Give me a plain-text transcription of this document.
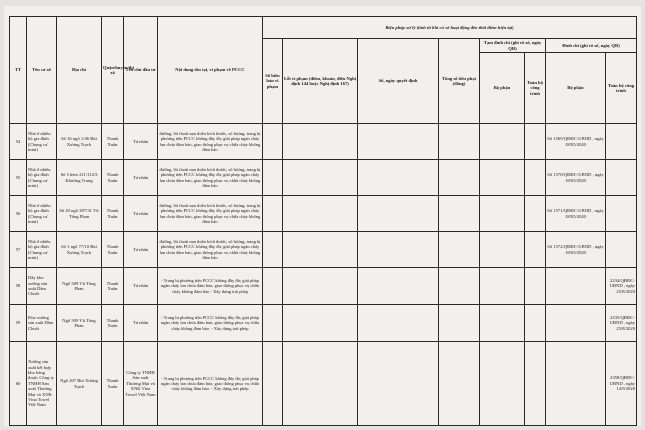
TT	Tên cơ sở	Địa chỉ	Quận/huyện/thị xã	Tên chủ đầu tư	Nội dung tồn tại, vi phạm về PCCC	Biện pháp xử lý (tính từ khi cơ sở hoạt động đến thời điểm hiện tại)							
						Số biên bản vi phạm	Lỗi vi phạm (điểm, khoản, điều Nghị định 144 hoặc Nghị định 167)	Số, ngày quyết định	Tổng số tiền phạt (đồng)	Tạm đình chỉ (ghi rõ số, ngày QĐ)		Đình chỉ (ghi rõ số, ngày QĐ)	
										Bộ phận	Toàn bộ công trình	Bộ phận	Toàn bộ công trình
54	Nhà ở nhiều hộ gia đình (Chung cư mini)	Số 16 ngõ 1/46 Bùi Xương Trạch	Thanh Xuân	Tư nhân	đường, lối thoát nạn thiếu kích thước, số lượng; trang bị phương tiện PCCC không đầy đủ; giải pháp ngăn cháy lan chưa đảm bảo; giao thông phục vụ chữa cháy không đảm bảo							Số 1569/QĐĐC-UBND , ngày 18/05/2020	
55	Nhà ở nhiều hộ gia đình (Chung cư mini)	Số 5 hẻm 211/114/3 Khương Trung	Thanh Xuân	Tư nhân	đường, lối thoát nạn thiếu kích thước, số lượng; trang bị phương tiện PCCC không đầy đủ; giải pháp ngăn cháy lan chưa đảm bảo; giao thông phục vụ chữa cháy không đảm bảo							Số 1570/QĐĐC-UBND , ngày 18/05/2020	
56	Nhà ở nhiều hộ gia đình (Chung cư mini)	Số 43 ngõ 387/31 Vũ Tông Phan	Thanh Xuân	Tư nhân	đường, lối thoát nạn thiếu kích thước, số lượng; trang bị phương tiện PCCC không đầy đủ; giải pháp ngăn cháy lan chưa đảm bảo; giao thông phục vụ chữa cháy không đảm bảo							Số 1571/QĐĐC-UBND , ngày 18/05/2020	
57	Nhà ở nhiều hộ gia đình (Chung cư mini)	Số 1 ngõ 77/10 Bùi Xương Trạch	Thanh Xuân	Tư nhân	đường, lối thoát nạn thiếu kích thước, số lượng; trang bị phương tiện PCCC không đầy đủ; giải pháp ngăn cháy lan chưa đảm bảo; giao thông phục vụ chữa cháy không đảm bảo							Số 1572/QĐĐC-UBND , ngày 18/05/2020	
58	Dãy kho xưởng sản xuất Dầm Chuối	Ngõ 509 Vũ Tông Phan	Thanh Xuân	Tư nhân	- Trang bị phương tiện PCCC không đầy đủ; giải pháp ngăn cháy lan chưa đảm bảo; giao thông phục vụ chữa cháy không đảm bảo - Xây dựng trái phép								2234/QĐĐC-UBND , ngày 25/8/2020
59	Kho xưởng sản xuất Dầm Chuối	Ngõ 509 Vũ Tông Phan	Thanh Xuân	Tư nhân	- Trang bị phương tiện PCCC không đầy đủ; giải pháp ngăn cháy lan chưa đảm bảo; giao thông phục vụ chữa cháy không đảm bảo. - Xây dựng trái phép								2235/QĐĐC-UBND , ngày 25/8/2020
60	Xưởng sản xuất kết hợp kho hàng thuộc Công ty TNHH Sản xuất Thương Mại và XNK Vina Towel Việt Nam	Ngõ 207 Bùi Xương Trạch	Thanh Xuân	Công ty TNHH Sản xuất Thương Mại và XNK Vina Towel Việt Nam	- Trang bị phương tiện PCCC không đầy đủ; giải pháp ngăn cháy lan chưa đảm bảo; giao thông phục vụ chữa cháy không đảm bảo. - Xây dựng trái phép								2358/QĐĐC-UBND , ngày 14/9/2020
